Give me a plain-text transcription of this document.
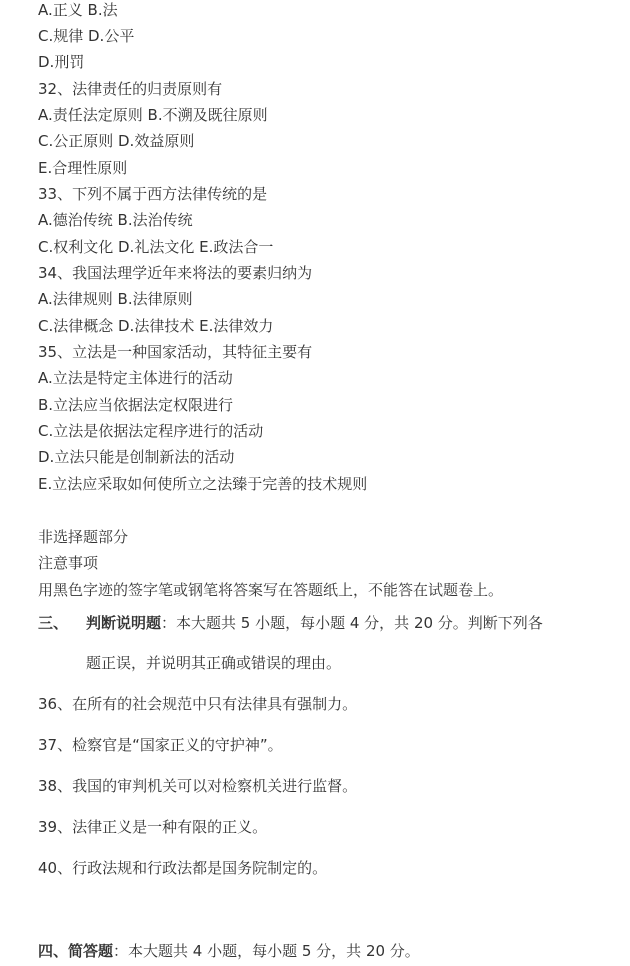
A.正义 B.法
C.规律 D.公平
D.刑罚
32、法律责任的归责原则有
A.责任法定原则 B.不溯及既往原则
C.公正原则 D.效益原则
E.合理性原则
33、下列不属于西方法律传统的是
A.德治传统 B.法治传统
C.权利文化 D.礼法文化 E.政法合一
34、我国法理学近年来将法的要素归纳为
A.法律规则 B.法律原则
C.法律概念 D.法律技术 E.法律效力
35、立法是一种国家活动，其特征主要有
A.立法是特定主体进行的活动
B.立法应当依据法定权限进行
C.立法是依据法定程序进行的活动
D.立法只能是创制新法的活动
E.立法应采取如何使所立之法臻于完善的技术规则
非选择题部分
注意事项
用黑色字迹的签字笔或钢笔将答案写在答题纸上，不能答在试题卷上。
三、 判断说明题：本大题共 5 小题，每小题 4 分，共 20 分。判断下列各
题正误，并说明其正确或错误的理由。
36、在所有的社会规范中只有法律具有强制力。
37、检察官是“国家正义的守护神”。
38、我国的审判机关可以对检察机关进行监督。
39、法律正义是一种有限的正义。
40、行政法规和行政法都是国务院制定的。
四、简答题：本大题共 4 小题，每小题 5 分，共 20 分。
